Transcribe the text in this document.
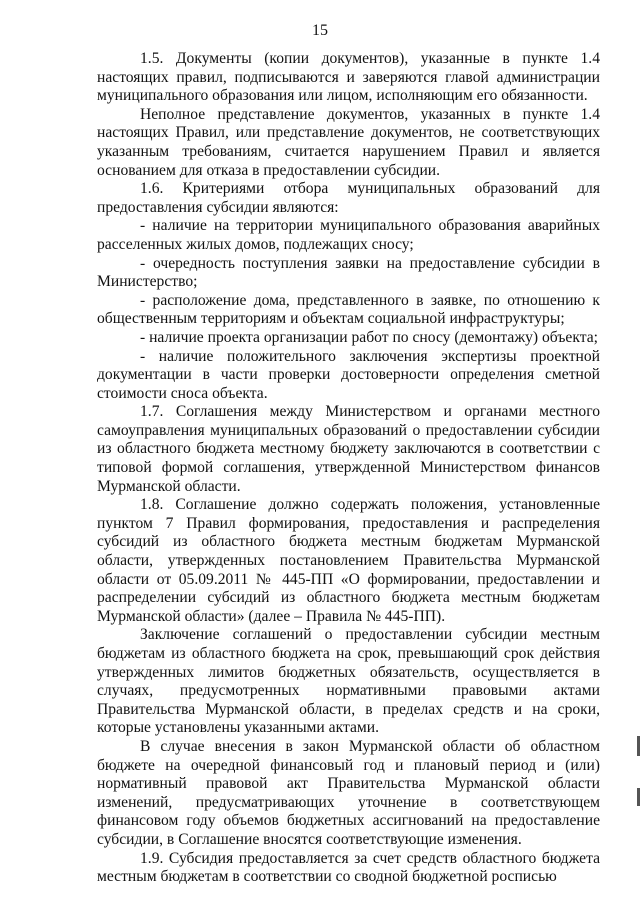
15

1.5. Документы (копии документов), указанные в пункте 1.4 настоящих правил, подписываются и заверяются главой администрации муниципального образования или лицом, исполняющим его обязанности.

Неполное представление документов, указанных в пункте 1.4 настоящих Правил, или представление документов, не соответствующих указанным требованиям, считается нарушением Правил и является основанием для отказа в предоставлении субсидии.

1.6. Критериями отбора муниципальных образований для предоставления субсидии являются:

- наличие на территории муниципального образования аварийных расселенных жилых домов, подлежащих сносу;

- очередность поступления заявки на предоставление субсидии в Министерство;

- расположение дома, представленного в заявке, по отношению к общественным территориям и объектам социальной инфраструктуры;

- наличие проекта организации работ по сносу (демонтажу) объекта;

- наличие положительного заключения экспертизы проектной документации в части проверки достоверности определения сметной стоимости сноса объекта.

1.7. Соглашения между Министерством и органами местного самоуправления муниципальных образований о предоставлении субсидии из областного бюджета местному бюджету заключаются в соответствии с типовой формой соглашения, утвержденной Министерством финансов Мурманской области.

1.8. Соглашение должно содержать положения, установленные пунктом 7 Правил формирования, предоставления и распределения субсидий из областного бюджета местным бюджетам Мурманской области, утвержденных постановлением Правительства Мурманской области от 05.09.2011 № 445-ПП «О формировании, предоставлении и распределении субсидий из областного бюджета местным бюджетам Мурманской области» (далее – Правила № 445-ПП).

Заключение соглашений о предоставлении субсидии местным бюджетам из областного бюджета на срок, превышающий срок действия утвержденных лимитов бюджетных обязательств, осуществляется в случаях, предусмотренных нормативными правовыми актами Правительства Мурманской области, в пределах средств и на сроки, которые установлены указанными актами.

В случае внесения в закон Мурманской области об областном бюджете на очередной финансовый год и плановый период и (или) нормативный правовой акт Правительства Мурманской области изменений, предусматривающих уточнение в соответствующем финансовом году объемов бюджетных ассигнований на предоставление субсидии, в Соглашение вносятся соответствующие изменения.

1.9. Субсидия предоставляется за счет средств областного бюджета местным бюджетам в соответствии со сводной бюджетной росписью
